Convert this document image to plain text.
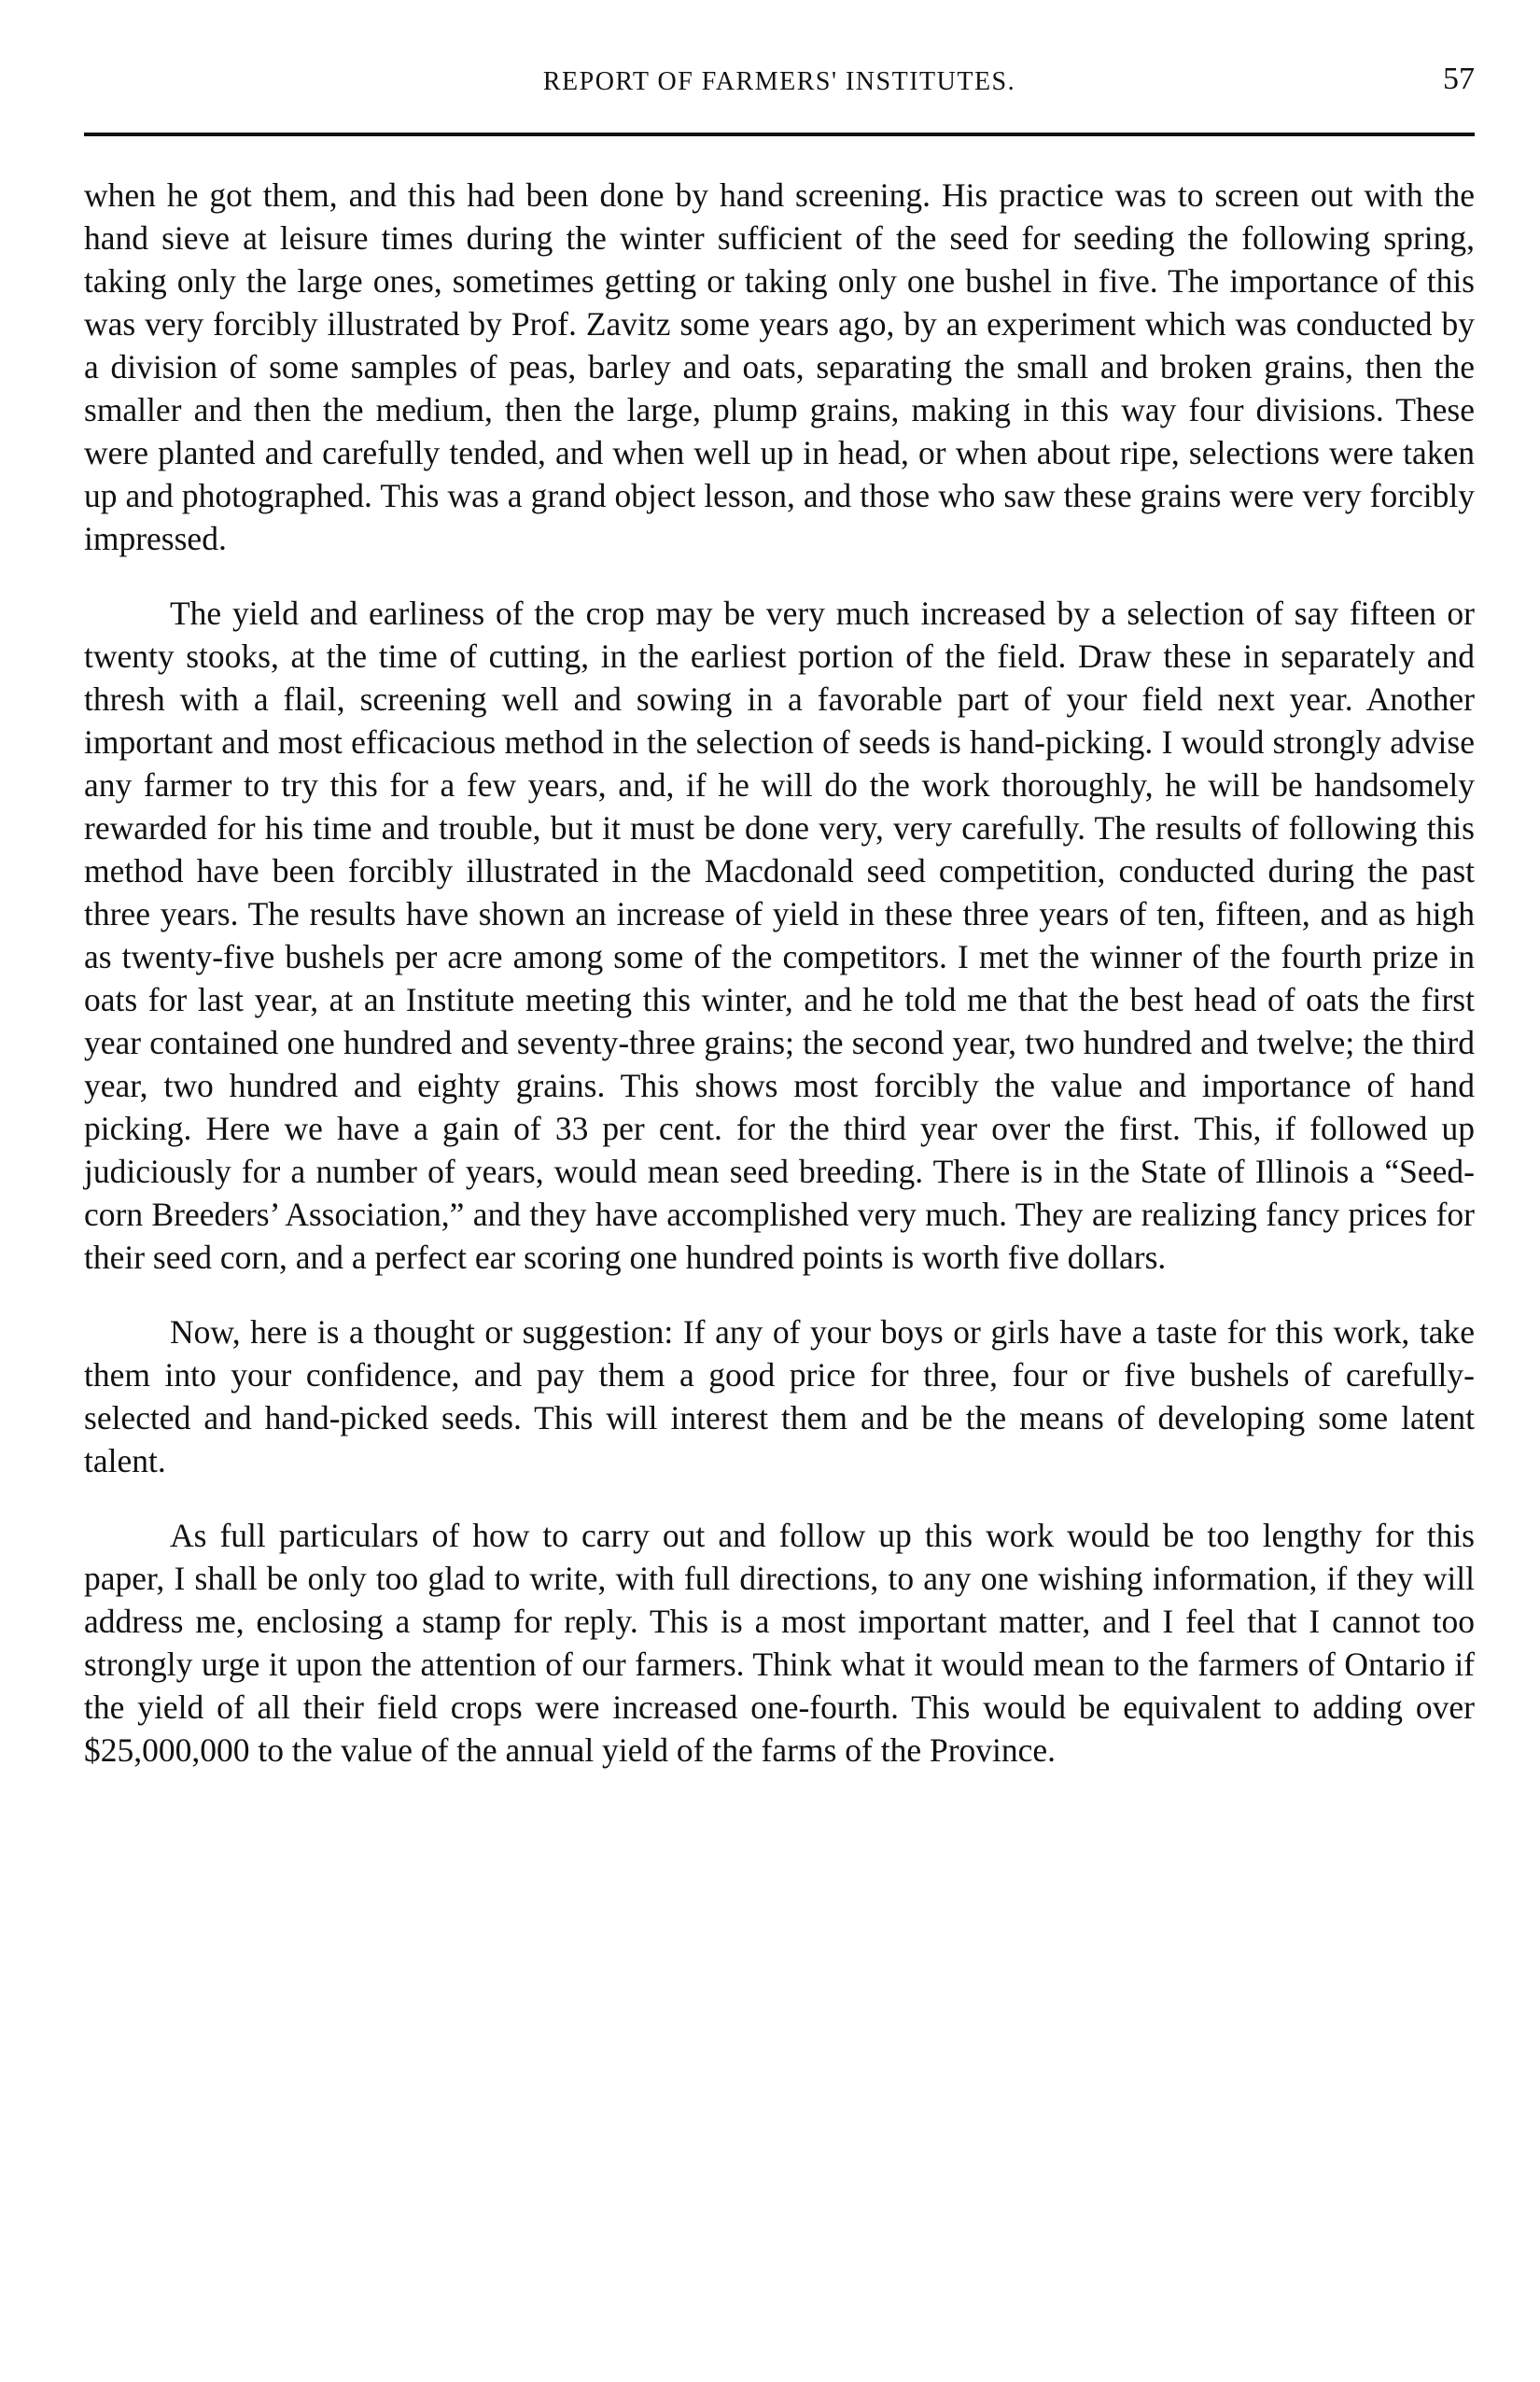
REPORT OF FARMERS' INSTITUTES.	57

when he got them, and this had been done by hand screening. His practice was to screen out with the hand sieve at leisure times during the winter sufficient of the seed for seeding the following spring, taking only the large ones, sometimes getting or taking only one bushel in five. The importance of this was very forcibly illustrated by Prof. Zavitz some years ago, by an experiment which was conducted by a division of some samples of peas, barley and oats, separating the small and broken grains, then the smaller and then the medium, then the large, plump grains, making in this way four divisions. These were planted and carefully tended, and when well up in head, or when about ripe, selections were taken up and photographed. This was a grand object lesson, and those who saw these grains were very forcibly impressed.

The yield and earliness of the crop may be very much increased by a selection of say fifteen or twenty stooks, at the time of cutting, in the earliest portion of the field. Draw these in separately and thresh with a flail, screening well and sowing in a favorable part of your field next year. Another important and most efficacious method in the selection of seeds is hand-picking. I would strongly advise any farmer to try this for a few years, and, if he will do the work thoroughly, he will be handsomely rewarded for his time and trouble, but it must be done very, very carefully. The results of following this method have been forcibly illustrated in the Macdonald seed competition, conducted during the past three years. The results have shown an increase of yield in these three years of ten, fifteen, and as high as twenty-five bushels per acre among some of the competitors. I met the winner of the fourth prize in oats for last year, at an Institute meeting this winter, and he told me that the best head of oats the first year contained one hundred and seventy-three grains; the second year, two hundred and twelve; the third year, two hundred and eighty grains. This shows most forcibly the value and importance of hand picking. Here we have a gain of 33 per cent. for the third year over the first. This, if followed up judiciously for a number of years, would mean seed breeding. There is in the State of Illinois a “Seed-corn Breeders’ Association,” and they have accomplished very much. They are realizing fancy prices for their seed corn, and a perfect ear scoring one hundred points is worth five dollars.

Now, here is a thought or suggestion: If any of your boys or girls have a taste for this work, take them into your confidence, and pay them a good price for three, four or five bushels of carefully-selected and hand-picked seeds. This will interest them and be the means of developing some latent talent.

As full particulars of how to carry out and follow up this work would be too lengthy for this paper, I shall be only too glad to write, with full directions, to any one wishing information, if they will address me, enclosing a stamp for reply. This is a most important matter, and I feel that I cannot too strongly urge it upon the attention of our farmers. Think what it would mean to the farmers of Ontario if the yield of all their field crops were increased one-fourth. This would be equivalent to adding over $25,000,000 to the value of the annual yield of the farms of the Province.
